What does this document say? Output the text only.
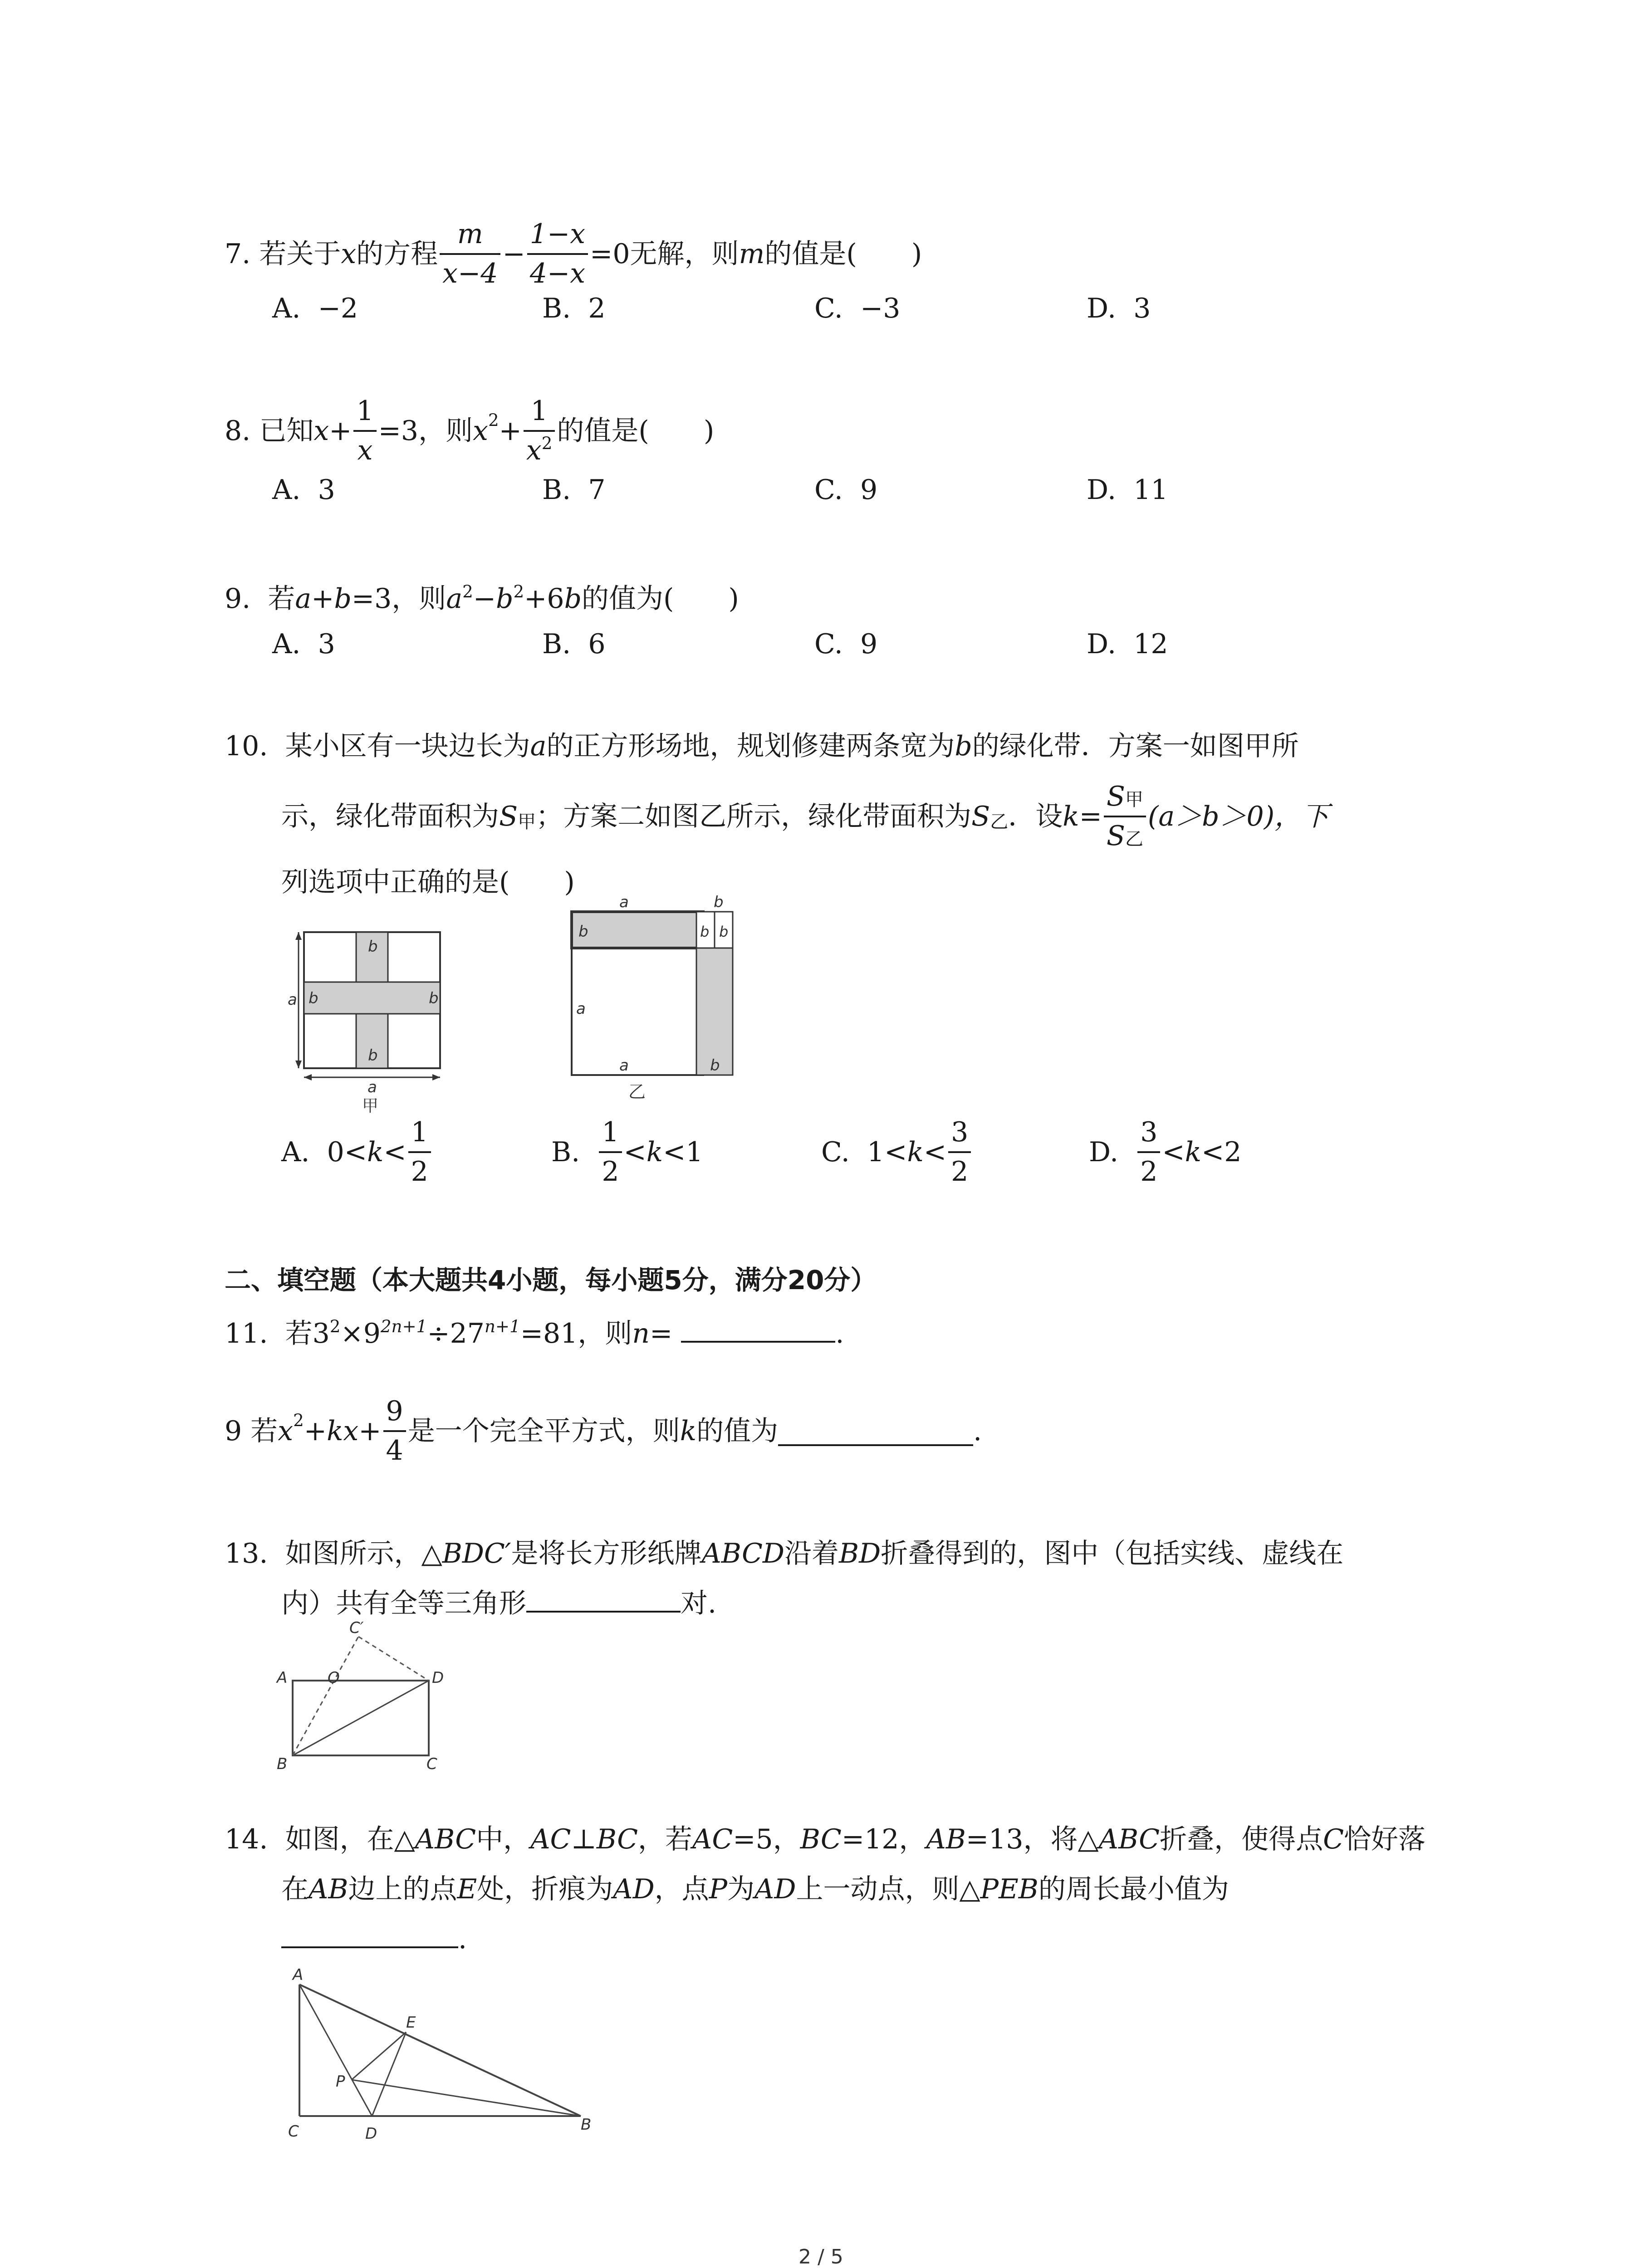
7.
若关于 x 的方程 $\frac{m}{x-4} - \frac{1-x}{4-x} =0$无解，则 m 的值是(　　)
A. −2	B. 2	C. −3	D. 3
8.
已知 $x + \frac{1}{x} =3$，则 $x^2 + \frac{1}{x^2}$ 的值是(　　)
A. 3	B. 7	C. 9	D. 11
9. 若a+b=3，则$a^2-b^2+6b$的值为(　　)
A. 3	B. 6	C. 9	D. 12
10. 某小区有一块边长为a的正方形场地，规划修建两条宽为b的绿化带．方案一如图甲所
示，绿化带面积为 S 甲 ；方案二如图乙所示，绿化带面积为 S 乙 ．设 $k = \frac{\text{S甲}}{\text{S乙}} (a>b>0)$，下
列选项中正确的是(　　)
a
b
b	b
b
a
甲
a	b
b	b b
a
a	b
乙
A.
$0< k < \frac{1}{2}$	B.
$\frac{1}{2} < k <1$	C.
$1< k < \frac{3}{2}$	D.
$\frac{3}{2} < k <2$
二、填空题（本大题共4小题，每小题5分，满分20分）
11. 若$3^2\times 9^{2n+1}\div 27^{n+1}=81$，则n=	.
9
若 $x^2$ + kx + $\frac{9}{4}$ 是一个完全平方式，则 k 的值为	.
13. 如图所示，△BDC′是将长方形纸牌ABCD沿着BD折叠得到的，图中（包括实线、虚线在
内）共有全等三角形	对.
A	O
C′
D
B	C
14. 如图，在△ABC中，AC⊥BC，若AC=5，BC=12，AB=13，将△ABC折叠，使得点C恰好落
在AB边上的点E处，折痕为AD，点P为AD上一动点，则△PEB的周长最小值为
.
A
E
P
C	D	B
2 / 5
